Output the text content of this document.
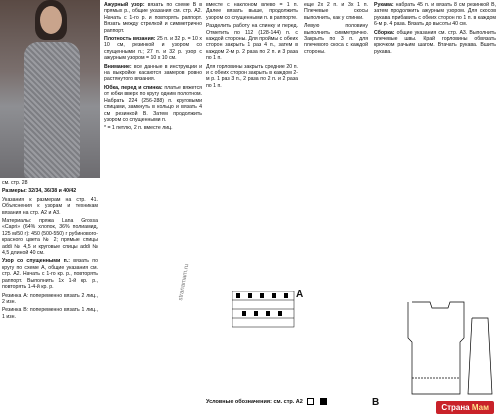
см. стр. 28

Размеры: 32/34, 36/38 и 40/42

Указания к размерам на стр. 41. Объяснения к узорам и техникам вязания на стр. А2 и А3.

Материалы: пряжа Lana Grossa «Capri» (64% хлопок, 36% полиамид, 125 м/50 г): 450 (500-550) г рубинового-красного цвета № 2; прямые спицы addi № 4,5 и круговые спицы addi № 4,5 длиной 40 см.

Узор со спущенными п.: вязать по кругу по схеме А, общие указания см. стр. А2. Начать с 1-го кр. р., повторять раппорт. Выполнить 1х 1-й кр. р., повторять 1-4-й кр. р.

Резинка А: попеременно вязать 2 лиц., 2 изн.

Резинка В: попеременно вязать 1 лиц., 1 изн.

Ажурный узор: вязать по схеме В в прямых р., общие указания см. стр. А2. Начать с 1-го р. и повторять раппорт. Вязать между стрелкой и симметрично раппорт.

Плотность вязания: 25 п. и 32 р. = 10 х 10 см, резинкой и узором со спущенными п.; 27 п. и 32 р. узор с ажурным узором = 10 х 10 см.

Внимание: все данные в инструкции и на выкройке касаются замеров ровно растянутого вязания.

Юбка, перед и спинка: платье вяжется от юбки вверх по кругу одним полотном. Набрать 224 (256-288) п. круговыми спицами, замкнуть в кольцо и вязать 4 см резинкой В. Затем продолжить узором со спущенными п.

* = 1 петлю, 2 п. вместе лиц.

вместе с наклоном влево = 1 п. Далее вязать выше, продолжить узором со спущенными п. в раппорте.

Разделить работу на спинку и перед. Отметить по 112 (128-144) п. с каждой стороны. Для проймы с обеих сторон закрыть 1 раз 4 п., затем в каждом 2-м р. 2 раза по 2 п. и 3 раза по 1 п.

Для горловины закрыть средние 20 п. и с обеих сторон закрыть в каждом 2-м р. 1 раз 3 п., 2 раза по 2 п. и 2 раза по 1 п.

А

еще 2х 2 п. и 3х 1 п. Плечевые скосы выполнить, как у спинки.

Левую половину выполнить симметрично. Закрыть по 3 п. для плечевого скоса с каждой стороны.

Условные обозначения: см. стр. А2

Рукава: набрать 45 п. и вязать 8 см резинкой В, затем продолжить ажурным узором. Для скосов рукава прибавить с обеих сторон по 1 п. в каждом 6-м р. 4 раза. Вязать до высоты 40 см.

Сборка: общие указания см. стр. А3. Выполнить плечевые швы. Край горловины обвязать крючком рачьим шагом. Втачать рукава. Вшить рукава.

В
stranamam.ru
Страна Мам
